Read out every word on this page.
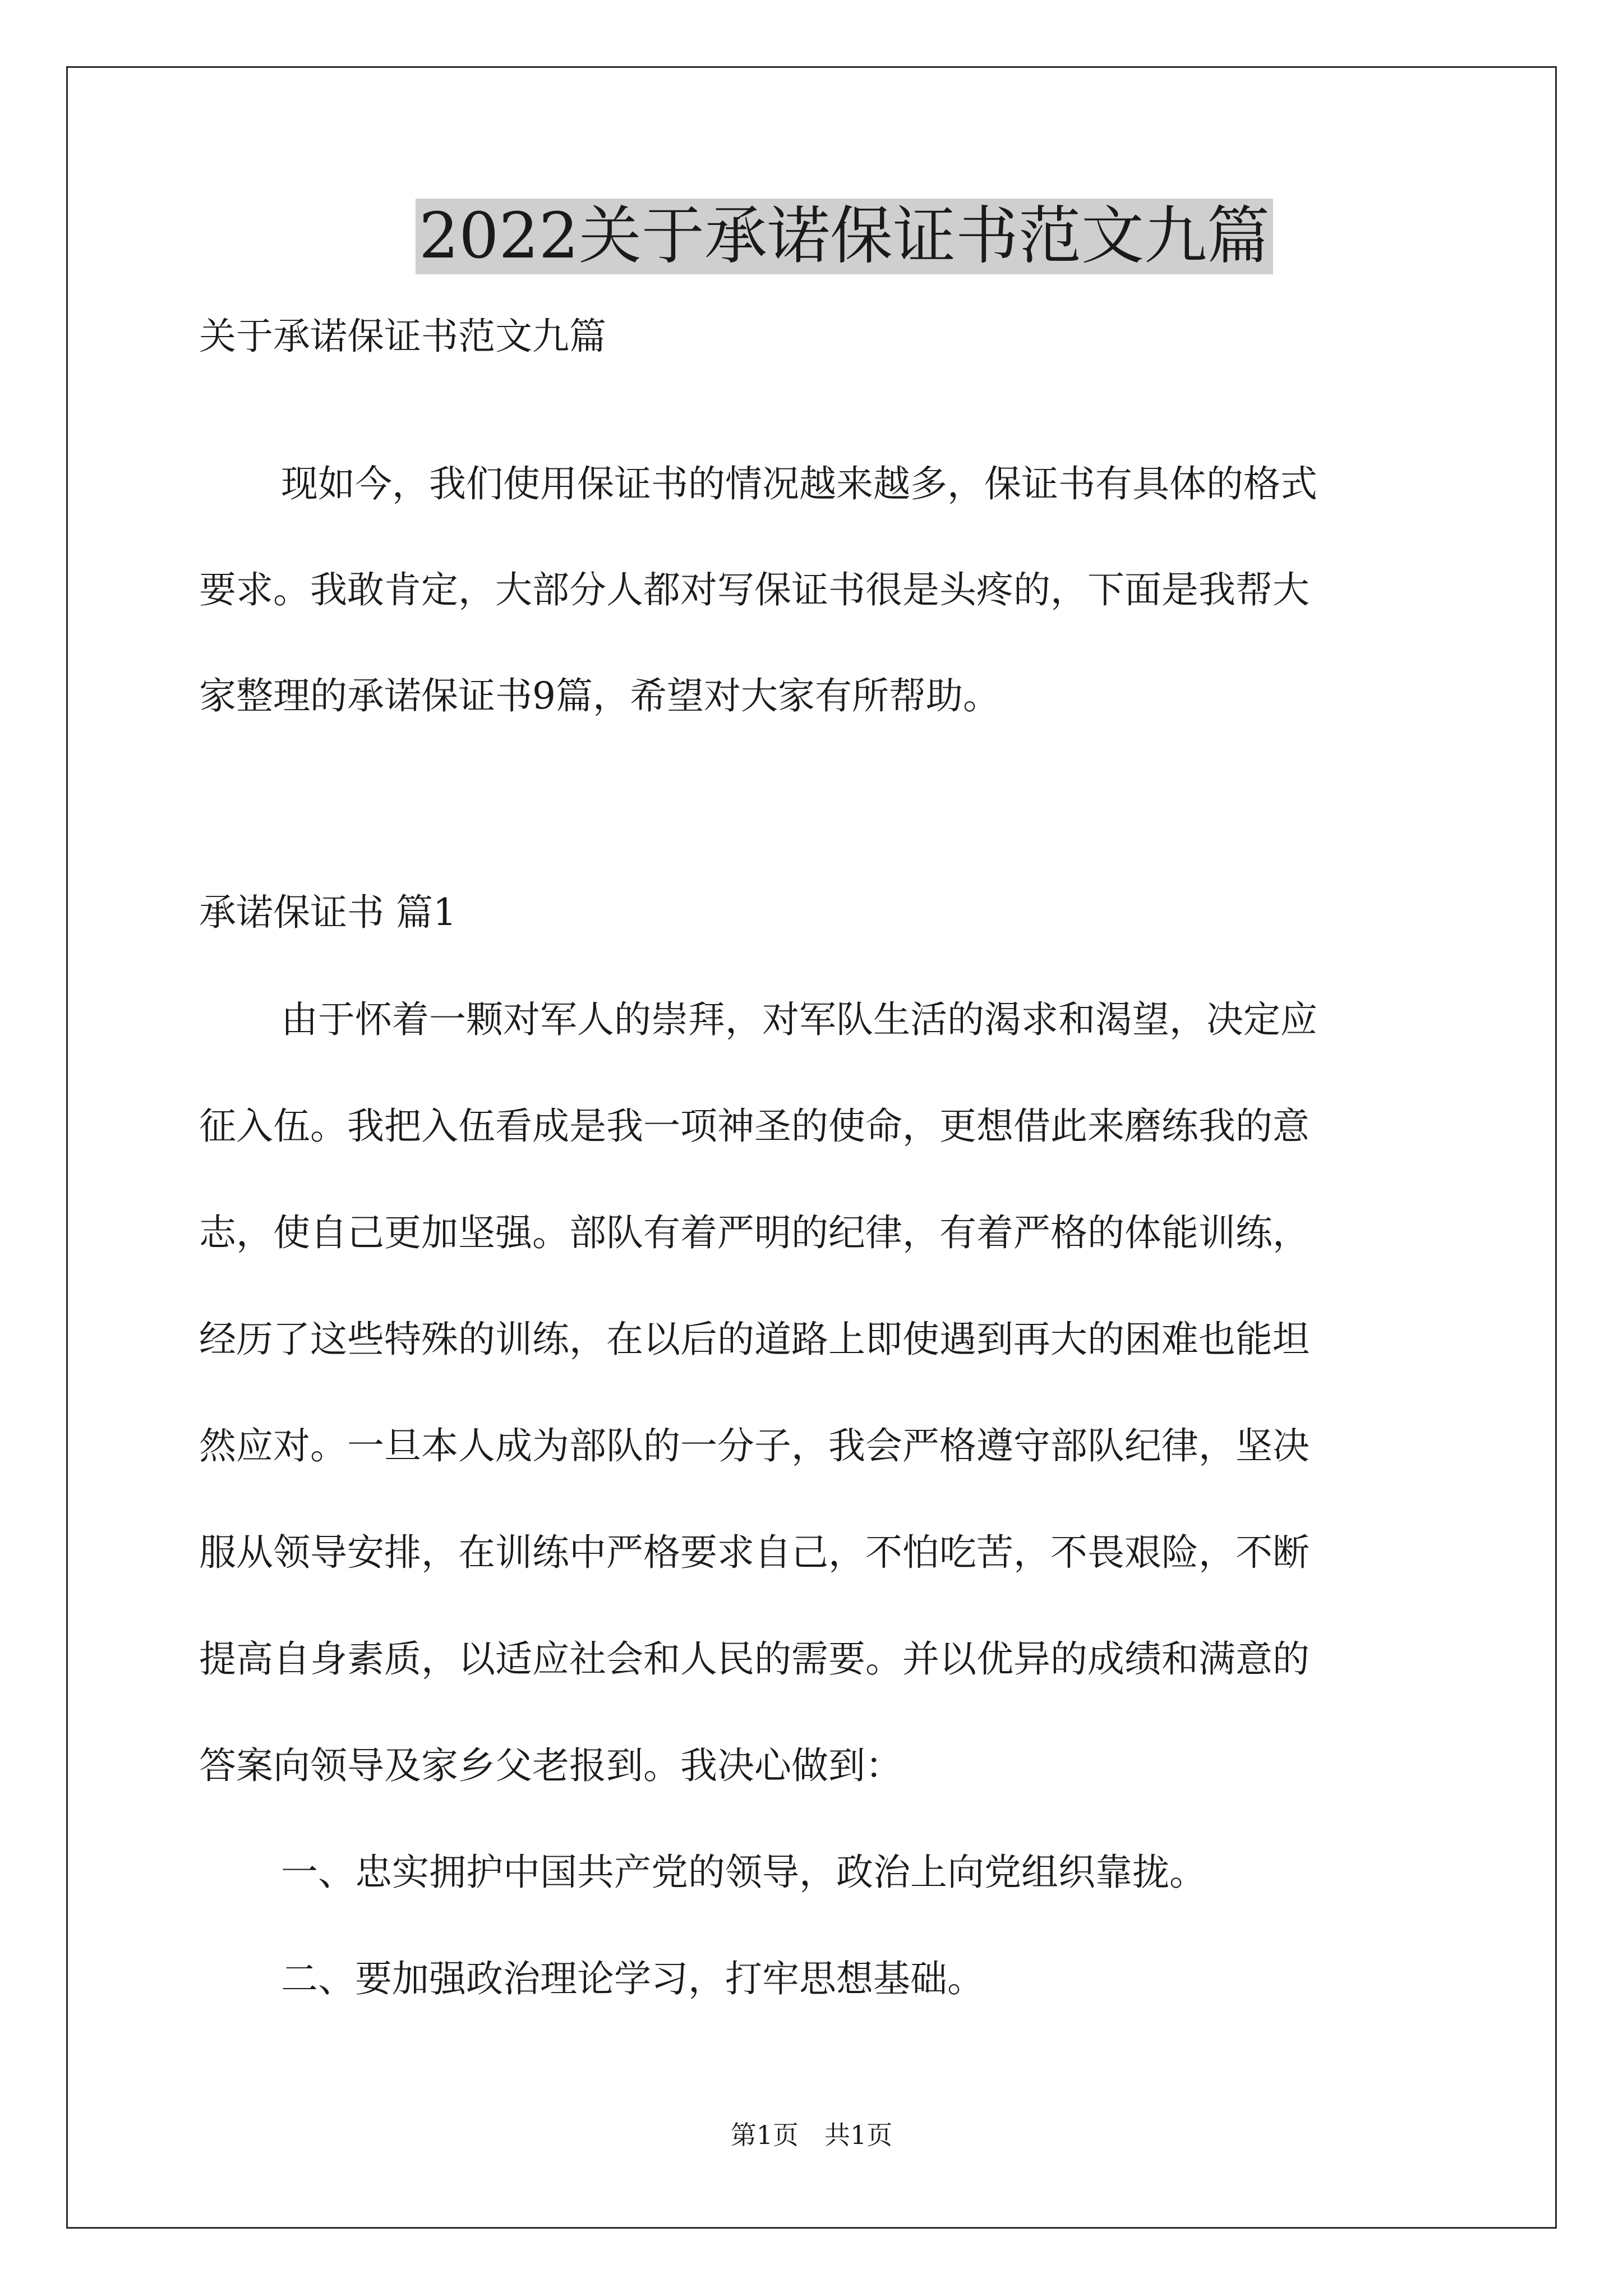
2022关于承诺保证书范文九篇
关于承诺保证书范文九篇
现如今，我们使用保证书的情况越来越多，保证书有具体的格式
要求。我敢肯定，大部分人都对写保证书很是头疼的，下面是我帮大
家整理的承诺保证书9篇，希望对大家有所帮助。
承诺保证书 篇1
由于怀着一颗对军人的崇拜，对军队生活的渴求和渴望，决定应
征入伍。我把入伍看成是我一项神圣的使命，更想借此来磨练我的意
志，使自己更加坚强。部队有着严明的纪律，有着严格的体能训练，
经历了这些特殊的训练，在以后的道路上即使遇到再大的困难也能坦
然应对。一旦本人成为部队的一分子，我会严格遵守部队纪律，坚决
服从领导安排，在训练中严格要求自己，不怕吃苦，不畏艰险，不断
提高自身素质，以适应社会和人民的需要。并以优异的成绩和满意的
答案向领导及家乡父老报到。我决心做到：
一、忠实拥护中国共产党的领导，政治上向党组织靠拢。
二、要加强政治理论学习，打牢思想基础。
第1页　共1页
